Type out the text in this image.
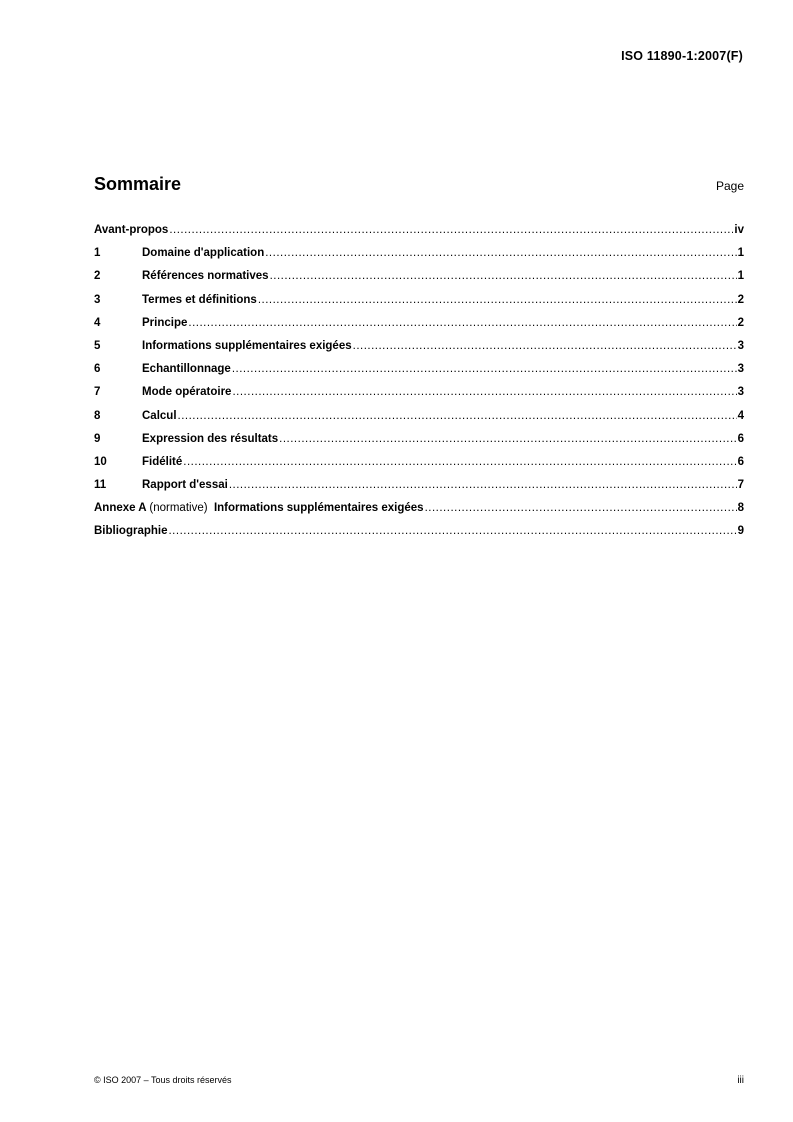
ISO 11890-1:2007(F)
Sommaire	Page
Avant-propos .....	iv
1	Domaine d'application .....	1
2	Références normatives .....	1
3	Termes et définitions .....	2
4	Principe .....	2
5	Informations supplémentaires exigées .....	3
6	Échantillonnage .....	3
7	Mode opératoire .....	3
8	Calcul .....	4
9	Expression des résultats .....	6
10	Fidélité .....	6
11	Rapport d'essai .....	7
Annexe A (normative) Informations supplémentaires exigées .....	8
Bibliographie .....	9
© ISO 2007 – Tous droits réservés	iii
